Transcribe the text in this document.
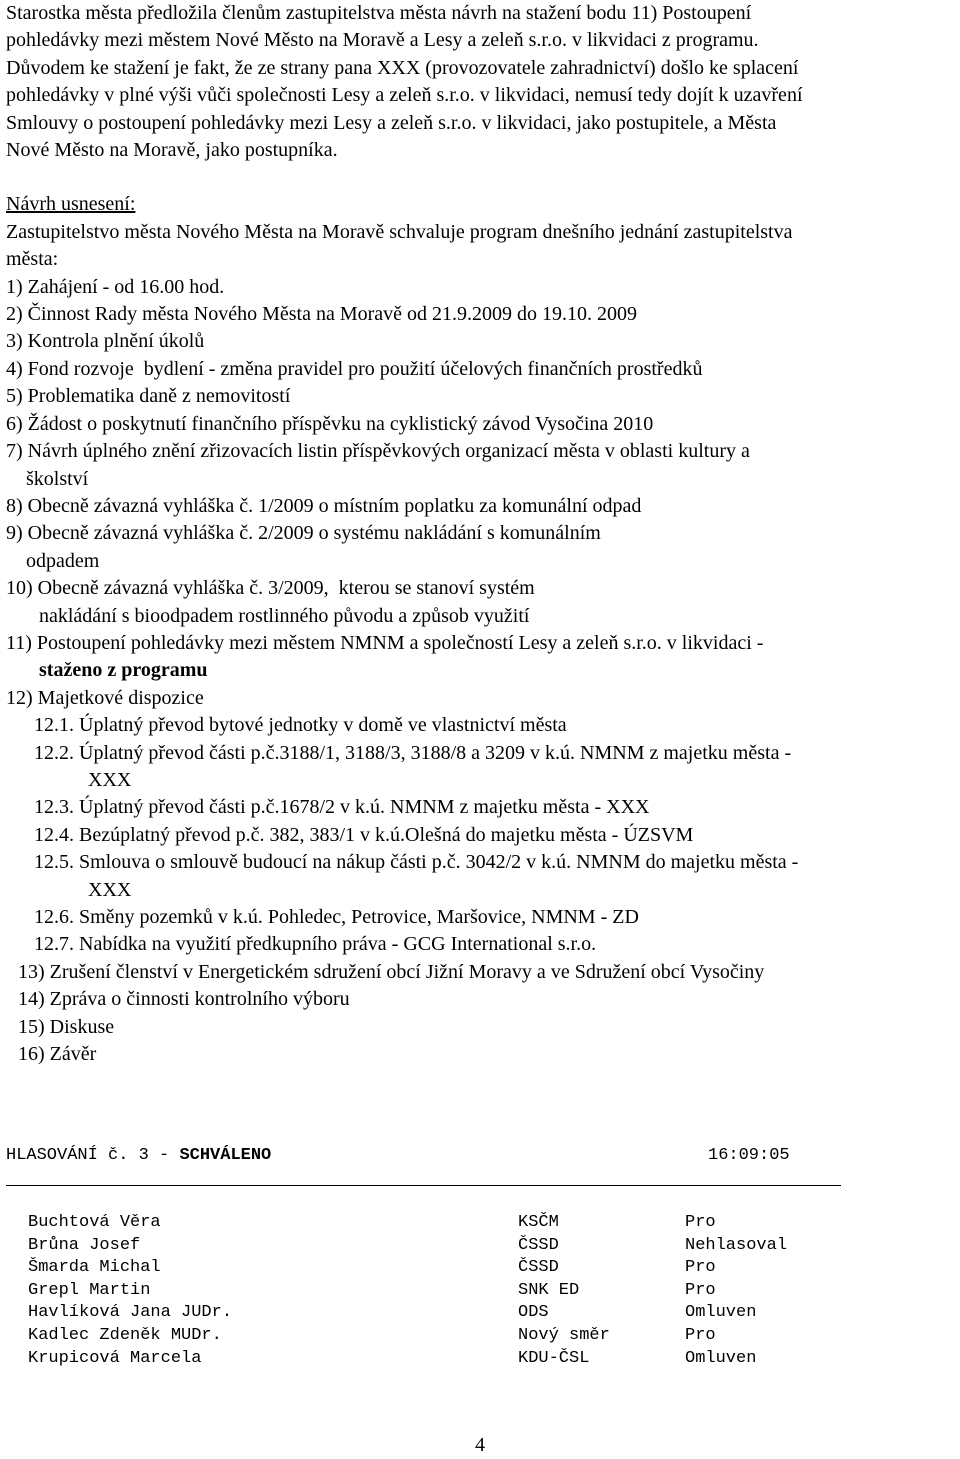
Starostka města předložila členům zastupitelstva města návrh na stažení bodu 11) Postoupení
pohledávky mezi městem Nové Město na Moravě a Lesy a zeleň s.r.o. v likvidaci z programu.
Důvodem ke stažení je fakt, že ze strany pana XXX (provozovatele zahradnictví) došlo ke splacení
pohledávky v plné výši vůči společnosti Lesy a zeleň s.r.o. v likvidaci, nemusí tedy dojít k uzavření
Smlouvy o postoupení pohledávky mezi Lesy a zeleň s.r.o. v likvidaci, jako postupitele, a Města
Nové Město na Moravě, jako postupníka.
Návrh usnesení:
Zastupitelstvo města Nového Města na Moravě schvaluje program dnešního jednání zastupitelstva
města:
1) Zahájení - od 16.00 hod.
2) Činnost Rady města Nového Města na Moravě od 21.9.2009 do 19.10. 2009
3) Kontrola plnění úkolů
4) Fond rozvoje  bydlení - změna pravidel pro použití účelových finančních prostředků
5) Problematika daně z nemovitostí
6) Žádost o poskytnutí finančního příspěvku na cyklistický závod Vysočina 2010
7) Návrh úplného znění zřizovacích listin příspěvkových organizací města v oblasti kultury a
školství
8) Obecně závazná vyhláška č. 1/2009 o místním poplatku za komunální odpad
9) Obecně závazná vyhláška č. 2/2009 o systému nakládání s komunálním
odpadem
10) Obecně závazná vyhláška č. 3/2009,  kterou se stanoví systém
nakládání s bioodpadem rostlinného původu a způsob využití
11) Postoupení pohledávky mezi městem NMNM a společností Lesy a zeleň s.r.o. v likvidaci -
staženo z programu
12) Majetkové dispozice
12.1. Úplatný převod bytové jednotky v domě ve vlastnictví města
12.2. Úplatný převod části p.č.3188/1, 3188/3, 3188/8 a 3209 v k.ú. NMNM z majetku města -
XXX
12.3. Úplatný převod části p.č.1678/2 v k.ú. NMNM z majetku města - XXX
12.4. Bezúplatný převod p.č. 382, 383/1 v k.ú.Olešná do majetku města - ÚZSVM
12.5. Smlouva o smlouvě budoucí na nákup části p.č. 3042/2 v k.ú. NMNM do majetku města -
XXX
12.6. Směny pozemků v k.ú. Pohledec, Petrovice, Maršovice, NMNM - ZD
12.7. Nabídka na využití předkupního práva - GCG International s.r.o.
13) Zrušení členství v Energetickém sdružení obcí Jižní Moravy a ve Sdružení obcí Vysočiny
14) Zpráva o činnosti kontrolního výboru
15) Diskuse
16) Závěr
HLASOVÁNÍ č. 3 - SCHVÁLENO	16:09:05
Buchtová Věra	KSČM	Pro
Brůna Josef	ČSSD	Nehlasoval
Šmarda Michal	ČSSD	Pro
Grepl Martin	SNK ED	Pro
Havlíková Jana JUDr.	ODS	Omluven
Kadlec Zdeněk MUDr.	Nový směr	Pro
Krupicová Marcela	KDU-ČSL	Omluven
4
